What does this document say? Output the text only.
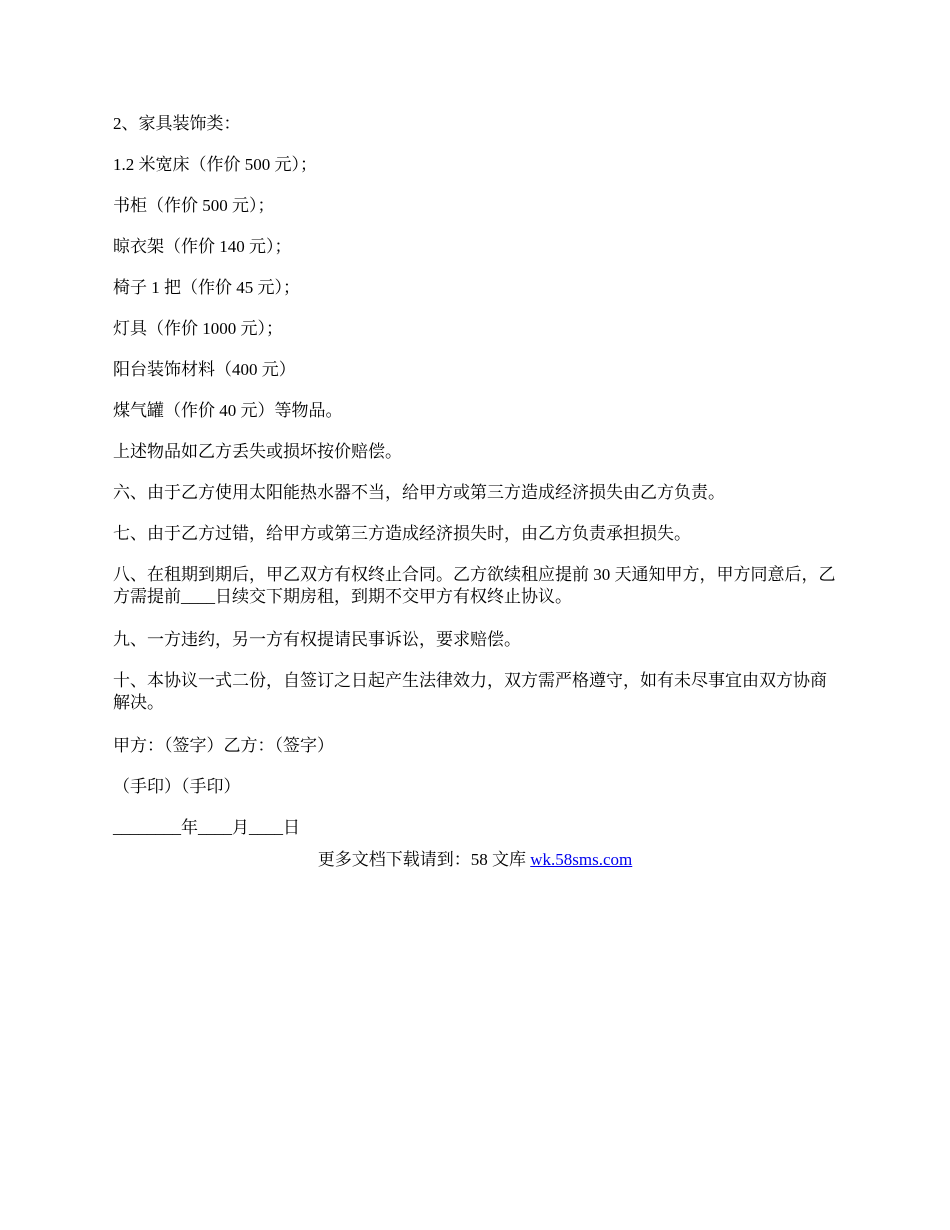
2、家具装饰类：

1.2 米宽床（作价 500 元）；

书柜（作价 500 元）；

晾衣架（作价 140 元）；

椅子 1 把（作价 45 元）；

灯具（作价 1000 元）；

阳台装饰材料（400 元）

煤气罐（作价 40 元）等物品。

上述物品如乙方丢失或损坏按价赔偿。

六、由于乙方使用太阳能热水器不当，给甲方或第三方造成经济损失由乙方负责。

七、由于乙方过错，给甲方或第三方造成经济损失时，由乙方负责承担损失。

八、在租期到期后，甲乙双方有权终止合同。乙方欲续租应提前 30 天通知甲方，甲方同意后，乙方需提前____日续交下期房租，到期不交甲方有权终止协议。

九、一方违约，另一方有权提请民事诉讼，要求赔偿。

十、本协议一式二份，自签订之日起产生法律效力，双方需严格遵守，如有未尽事宜由双方协商解决。

甲方：（签字）乙方：（签字）

（手印）（手印）

________年____月____日

更多文档下载请到：58 文库 wk.58sms.com
